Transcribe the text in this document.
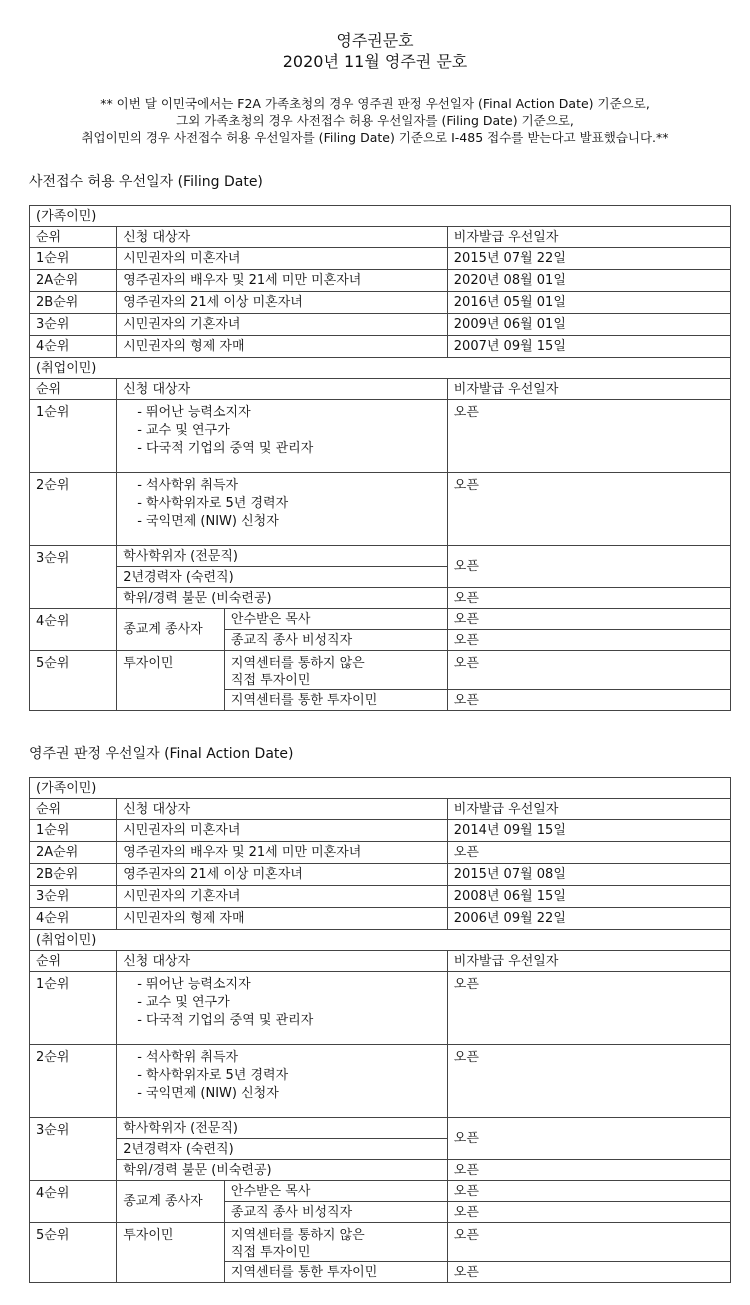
영주권문호
2020년 11월 영주권 문호
** 이번 달 이민국에서는 F2A 가족초청의 경우 영주권 판정 우선일자 (Final Action Date) 기준으로,
그외 가족초청의 경우 사전접수 허용 우선일자를 (Filing Date) 기준으로,
취업이민의 경우 사전접수 허용 우선일자를 (Filing Date) 기준으로 I-485 접수를 받는다고 발표했습니다.**
사전접수 허용 우선일자 (Filing Date)
(가족이민)			
순위	신청 대상자		비자발급 우선일자
1순위	시민권자의 미혼자녀		2015년 07월 22일
2A순위	영주권자의 배우자 및 21세 미만 미혼자녀		2020년 08월 01일
2B순위	영주권자의 21세 이상 미혼자녀		2016년 05월 01일
3순위	시민권자의 기혼자녀		2009년 06월 01일
4순위	시민권자의 형제 자매		2007년 09월 15일
(취업이민)			
순위	신청 대상자		비자발급 우선일자
1순위	- 뛰어난 능력소지자
- 교수 및 연구가
- 다국적 기업의 중역 및 관리자		오픈
2순위	- 석사학위 취득자
- 학사학위자로 5년 경력자
- 국익면제 (NIW) 신청자		오픈
3순위	학사학위자 (전문직)		오픈
	2년경력자 (숙련직)		
	학위/경력 불문 (비숙련공)		오픈
4순위	종교계 종사자	안수받은 목사	오픈
		종교직 종사 비성직자	오픈
5순위	투자이민	지역센터를 통하지 않은
직접 투자이민	오픈
		지역센터를 통한 투자이민	오픈
영주권 판정 우선일자 (Final Action Date)
(가족이민)			
순위	신청 대상자		비자발급 우선일자
1순위	시민권자의 미혼자녀		2014년 09월 15일
2A순위	영주권자의 배우자 및 21세 미만 미혼자녀		오픈
2B순위	영주권자의 21세 이상 미혼자녀		2015년 07월 08일
3순위	시민권자의 기혼자녀		2008년 06월 15일
4순위	시민권자의 형제 자매		2006년 09월 22일
(취업이민)			
순위	신청 대상자		비자발급 우선일자
1순위	- 뛰어난 능력소지자
- 교수 및 연구가
- 다국적 기업의 중역 및 관리자		오픈
2순위	- 석사학위 취득자
- 학사학위자로 5년 경력자
- 국익면제 (NIW) 신청자		오픈
3순위	학사학위자 (전문직)		오픈
	2년경력자 (숙련직)		
	학위/경력 불문 (비숙련공)		오픈
4순위	종교계 종사자	안수받은 목사	오픈
		종교직 종사 비성직자	오픈
5순위	투자이민	지역센터를 통하지 않은
직접 투자이민	오픈
		지역센터를 통한 투자이민	오픈
